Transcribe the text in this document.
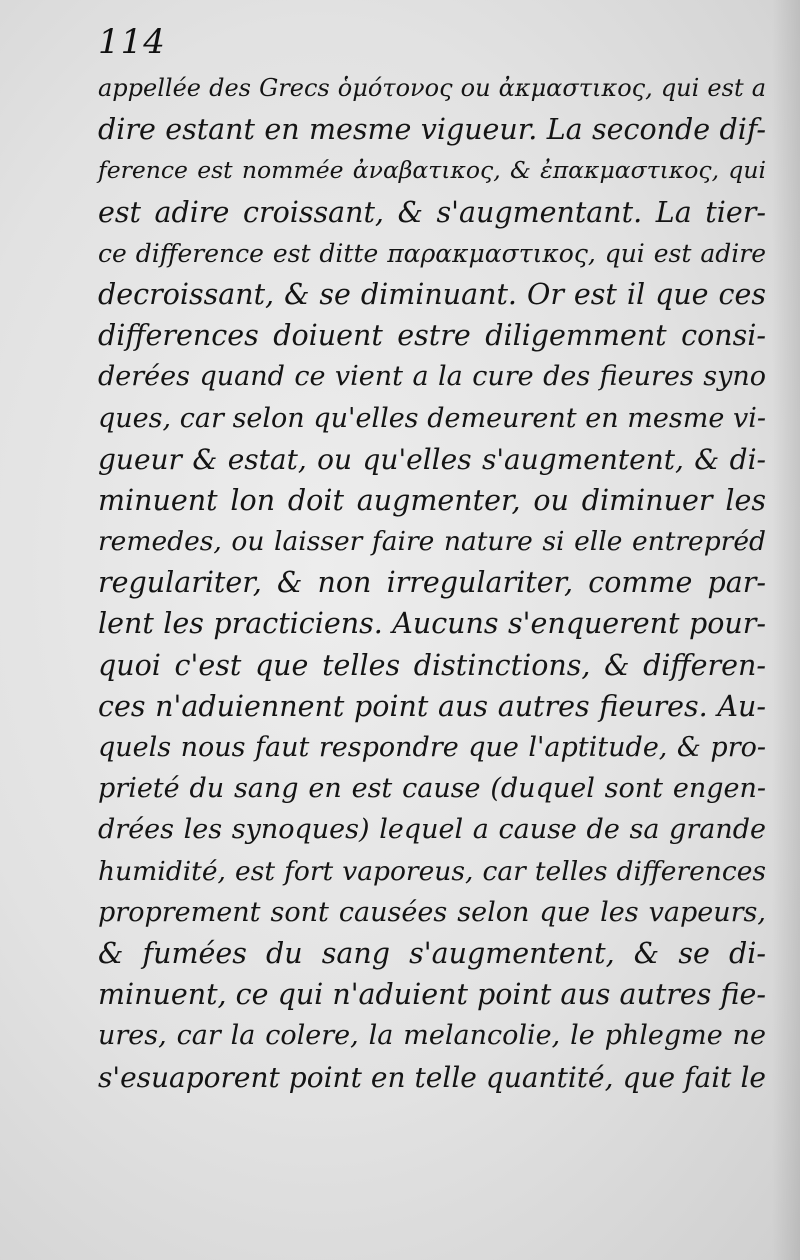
114
appellée des Grecs ὁμότονος ou ἀκμαστικος, qui est a
dire estant en mesme vigueur. La seconde dif-
ference est nommée ἀναβατικος, & ἐπακμαστικος, qui
est adire croissant, & s'augmentant. La tier-
ce difference est ditte παρακμαστικος, qui est adire
decroissant, & se diminuant. Or est il que ces
differences doiuent estre diligemment consi-
derées quand ce vient a la cure des fieures syno
ques, car selon qu'elles demeurent en mesme vi-
gueur & estat, ou qu'elles s'augmentent, & di-
minuent lon doit augmenter, ou diminuer les
remedes, ou laisser faire nature si elle entrepréd
regulariter, & non irregulariter, comme par-
lent les practiciens. Aucuns s'enquerent pour-
quoi c'est que telles distinctions, & differen-
ces n'aduiennent point aus autres fieures. Au-
quels nous faut respondre que l'aptitude, & pro-
prieté du sang en est cause (duquel sont engen-
drées les synoques) lequel a cause de sa grande
humidité, est fort vaporeus, car telles differences
proprement sont causées selon que les vapeurs,
& fumées du sang s'augmentent, & se di-
minuent, ce qui n'aduient point aus autres fie-
ures, car la colere, la melancolie, le phlegme ne
s'esuaporent point en telle quantité, que fait le
